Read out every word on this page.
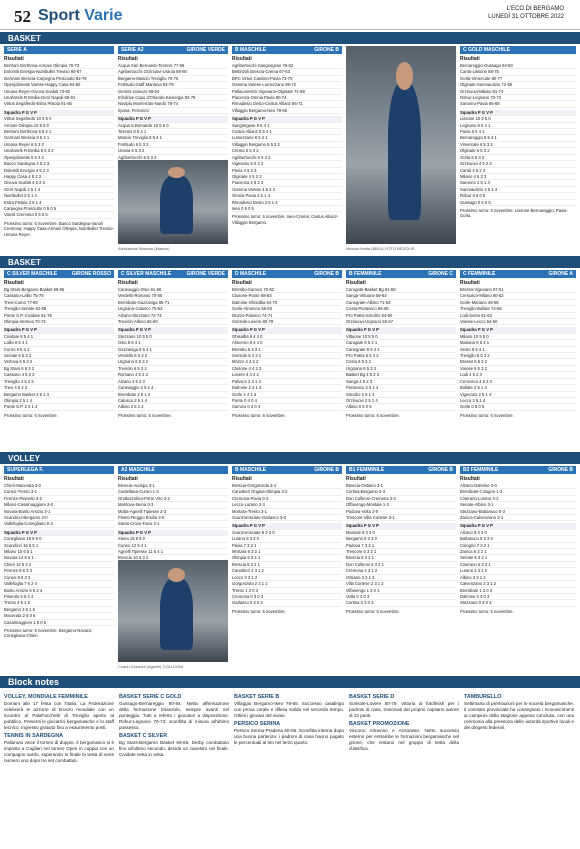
52 Sport Varie	L'ECO DI BERGAMO
LUNEDÌ 31 OTTOBRE 2022
BASKET
SERIE A
Risultati
Bertram Derthona-Armani Olimpia 76-73
Dolomiti Energia-Nutribullet Treviso 90-87
Germani Brescia-Carpegna Prosciutto 82-76
Openjobmetis Varese-Happy Casa 94-80
Umana Reyer-Givova Scafati 73-62
Unahotels R.Emilia-GeVi Napoli 88-81
Virtus Segafredo-Estra Pistoia 91-65
Squadra P G V P
Virtus Segafredo 10 5 5 0
Armani Olimpia 10 5 5 0
Bertram Derthona 8 5 4 1
Germani Brescia 8 5 4 1
Umana Reyer 6 5 3 2
Unahotels R.Emilia 6 5 3 2
Openjobmetis 6 5 3 2
Banco Sardegna 4 5 2 3
Dolomiti Energia 4 5 2 3
Happy Casa 4 5 2 3
Givova Scafati 4 5 2 3
GeVi Napoli 2 5 1 4
Nutribullet 2 5 1 4
Estra Pistoia 2 5 1 4
Carpegna Prosciutto 0 5 0 5
Vanoli Cremona 0 5 0 5
Prossimo turno: 6 novembre. Banco Sardegna-Vanoli Cremona; Happy Casa-Armani Olimpia; Nutribullet Treviso-Umana Reyer.
SERIE A2	GIRONE VERDE
Risultati
Acqua San Bernardo-Tezenis 77-66
Agribertocchi Orzinuovi-Urania 88-80
Bergamo-Mascio Treviglio 70-75
Fortitudo-Staff Mantova 83-79
Gemini-Unieuro 68-64
Infodrive Capo d'Orlando-Kienergia 82-78
Novipiù Monferrato-Nardò 79-74
riposa: Ferraroni
Squadra P G V P
Acqua S.Bernardo 10 5 5 0
Tezenis 8 5 4 1
Mascio Treviglio 8 5 4 1
Fortitudo 6 5 3 2
Urania 6 5 3 2
Agribertocchi 6 5 3 2
Aleksandar Marcius (Mascio)
B MASCHILE	GIRONE B
Risultati
Agribertocchi-Sangiorgese 76-62
Bettinzoli Brescia-Crema 67-63
BPC Virtus Cassino-Pavia 73-70
Gamma Varese-Lumezzane 69-72
Pallacanestro Vigevano-Olginate 71-68
Piacenza-Omnia Pavia 80-74
Rimadesio Desio-Civitus Allianz 66-71
Villaggio Bergamo-Iseo 78-65
Squadra P G V P
Sangiorgese 8 5 4 1
Civitus Allianz 8 5 4 1
Lumezzane 8 5 4 1
Villaggio Bergamo 6 5 3 2
Crema 6 5 3 2
Agribertocchi 6 5 3 2
Vigevano 6 5 3 2
Pavia 4 5 2 3
Olginate 4 5 2 3
Piacenza 4 5 2 3
Gamma Varese 4 5 2 3
Omnia Pavia 2 5 1 4
Rimadesio Desio 2 5 1 4
Iseo 0 5 0 5
Prossimo turno: 6 novembre. Iseo-Crema; Civitus Allianz-Villaggio Bergamo.
Niccolò Ivetta (BB14) FOTO BEDOLIS
C GOLD MASCHILE
Risultati
Bernareggio-Gussago 84-60
Cantù-Lissone 68-75
Gorla-Vimercate 80-77
Olginate-Sanmaurizio 72-66
Orzinuovi-Milano 81-74
Robur-Legnano 70-73
Saronno-Pavia 65-69
Squadra P G V P
Lissone 10 5 5 0
Legnano 8 5 4 1
Pavia 8 5 4 1
Bernareggio 8 5 4 1
Vimercate 6 5 3 2
Olginate 6 5 3 2
Gorla 6 5 3 2
Orzinuovi 4 5 2 3
Cantù 4 5 2 3
Milano 4 5 2 3
Saronno 2 5 1 4
Sanmaurizio 2 5 1 4
Robur 0 5 0 5
Gussago 0 5 0 5
Prossimo turno: 6 novembre. Lissone-Bernareggio; Pavia-Gorla.
BASKET
C SILVER MASCHILE	GIRONE ROSSO
Risultati
Bg Stars-Bergamo Basket 69-65
Cassano-Lallio 75-78
Trevi-Curno 77-80
Treviglio-Seriate 62-69
Ponte S.P.-Cividate 61-76
Olimpia-Vertova 70-72
Squadra P G V P
Cividate 8 5 4 1
Lallio 8 5 4 1
Curno 8 5 4 1
Seriate 6 5 3 2
Vertova 6 5 3 2
Bg Stars 6 5 3 2
Cassano 4 5 2 3
Treviglio 4 5 2 3
Trevi 4 5 2 3
Bergamo Basket 2 5 1 4
Olimpia 2 5 1 4
Ponte S.P. 2 5 1 4
Prossimo turno: 6 novembre.
C SILVER MASCHILE	GIRONE VERDE
Risultati
Caravaggio-Osio 61-66
Verdello-Romano 70-65
Brembate-Gazzaniga 68-71
Urgnano-Calusco 75-63
Alzano-Stezzano 72-74
Treviolo-Albino 66-60
Squadra P G V P
Stezzano 10 5 5 0
Osio 8 5 4 1
Gazzaniga 8 5 4 1
Verdello 6 5 3 2
Urgnano 6 5 3 2
Treviolo 6 5 3 2
Romano 4 5 2 3
Alzano 4 5 2 3
Caravaggio 2 5 1 4
Brembate 2 5 1 4
Calusco 2 5 1 4
Albino 2 5 1 4
Prossimo turno: 6 novembre.
D MASCHILE	GIRONE B
Risultati
Brembo-Sarnico 70-62
Clusone-Ponte 68-63
Dalmine-Ghisalba 64-70
Gorle-Almenno 55-63
Mozzo-Palosco 74-71
Sorisole-Lovere 80-79
Squadra P G V P
Ghisalba 8 4 4 0
Almenno 8 4 4 0
Brembo 6 4 3 1
Sorisole 6 4 3 1
Mozzo 4 4 2 2
Clusone 4 4 2 2
Lovere 4 4 2 2
Palosco 2 4 1 3
Dalmine 2 4 1 3
Gorle 2 4 1 3
Ponte 0 4 0 4
Sarnico 0 4 0 4
Prossimo turno: 6 novembre.
B FEMMINILE	GIRONE C
Risultati
Carugate-Basket Bg 61-58
Sanga-Vittuone 59-64
Canegrate-Albino 71-53
Costa-Pontevico 68-66
Pro Patria-Sondrio 64-60
Orzinuovi-Urgnano 55-57
Squadra P G V P
Vittuone 10 5 5 0
Carugate 8 5 4 1
Canegrate 8 5 4 1
Pro Patria 6 5 3 2
Costa 6 5 3 2
Urgnano 6 5 3 2
Basket Bg 4 5 2 3
Sanga 4 5 2 3
Pontevico 2 5 1 4
Sondrio 2 5 1 4
Orzinuovi 2 5 1 4
Albino 0 5 0 5
Prossimo turno: 6 novembre.
C FEMMINILE	GIRONE A
Risultati
Bresso-Vigevano 57-51
Cernusco-Milano 60-62
Gorle-Mariano 49-58
Treviglio-Bollate 72-66
Lodi-Sesto 61-63
Varese-Lecco 54-50
Squadra P G V P
Milano 10 5 5 0
Mariano 8 5 4 1
Sesto 8 5 4 1
Treviglio 6 5 3 2
Bresso 6 5 3 2
Varese 6 5 3 2
Lodi 4 5 2 3
Cernusco 4 5 2 3
Bollate 2 5 1 4
Vigevano 2 5 1 4
Lecco 2 5 1 4
Gorle 0 5 0 5
Prossimo turno: 6 novembre.
VOLLEY
SUPERLEGA F.
Risultati
Chieri-Macerata 3-0
Cuneo-Trento 3-1
Firenze-Pinerolo 3-2
Milano-Casalmaggiore 3-0
Novara-Busto Arsizio 3-1
Scandicci-Bergamo 3-0
Vallefoglia-Conegliano 0-3
Squadra P G V P
Conegliano 18 6 6 0
Scandicci 16 6 5 1
Milano 15 6 5 1
Novara 14 6 5 1
Chieri 12 6 4 2
Firenze 9 6 3 3
Cuneo 8 6 3 3
Vallefoglia 7 6 2 4
Busto Arsizio 6 6 2 4
Pinerolo 5 6 2 4
Trento 4 6 1 5
Bergamo 3 6 1 5
Macerata 2 6 0 6
Casalmaggiore 1 6 0 6
Prossimo turno: 6 novembre. Bergamo-Novara; Conegliano-Chieri.
A2 MASCHILE
Risultati
Brescia-Aurispa 3-1
Castellana-Cuneo 1-3
Grottazzolina-Porto Viro 3-2
Mantova-Siena 0-3
Motta-Agnelli Tipiesse 2-3
Pineto-Reggio Emilia 3-0
Santa Croce-Fano 3-1
Squadra P G V P
Siena 15 5 5 0
Cuneo 12 5 4 1
Agnelli Tipiesse 11 5 4 1
Brescia 10 5 3 2
B MASCHILE	GIRONE B
Risultati
Brescia-Gorgonzola 3-1
Canottieri Ongina-Olimpia 3-2
Cremona-Pavia 0-3
Lecco-Lurano 2-3
Mortara-Trento 3-1
Scanzorosciate-Garlasco 3-0
Squadra P G V P
Scanzorosciate 9 3 3 0
Lurano 8 3 3 0
Pavia 7 3 2 1
Mortara 6 3 2 1
Olimpia 5 3 2 1
Brescia 5 3 2 1
Canottieri 4 3 1 2
Lecco 3 3 1 2
Gorgonzola 2 3 1 2
Trento 1 3 0 3
Cremona 0 3 0 3
Garlasco 0 3 0 3
Prossimo turno: 5 novembre.
B1 FEMMINILE	GIRONE B
Risultati
Brescia-Ostiano 3-1
Cortina-Bergamo 0-3
Don Colleoni-Cremona 3-2
Offanengo-Montale 1-3
Padova-Volta 3-0
Trescore-Villa Cortese 3-1
Squadra P G V P
Montale 9 3 3 0
Bergamo 8 3 3 0
Padova 7 3 2 1
Trescore 6 3 2 1
Brescia 6 3 2 1
Don Colleoni 5 3 2 1
Cremona 4 3 1 2
Ostiano 3 3 1 2
Villa Cortese 2 3 1 2
Offanengo 1 3 0 3
Volta 0 3 0 3
Cortina 0 3 0 3
Prossimo turno: 5 novembre.
B2 FEMMINILE	GIRONE B
Risultati
Alzano-Dalmine 3-0
Brembate-Cologno 1-3
Ciserano-Lurano 3-2
Seriate-Albino 3-1
Stezzano-Bottanuco 0-3
Zanica-Calvenzano 3-1
Squadra P G V P
Alzano 9 3 3 0
Bottanuco 9 3 3 0
Cologno 7 3 2 1
Zanica 6 3 2 1
Seriate 6 3 2 1
Ciserano 5 3 2 1
Lurano 4 3 1 2
Albino 3 3 1 2
Calvenzano 2 3 1 2
Brembate 1 3 0 3
Dalmine 0 3 0 3
Stezzano 0 3 0 3
Prossimo turno: 5 novembre.
Coach Graziani (Agnelli) COLLEONI
Block notes
VOLLEY, MONDIALE FEMMINILE

Domani alle 17 festa con l'Italia. La Federazione celebrerà le azzurre di bronzo mondiale con un incontro al PalaFacchetti di Treviglio aperto al pubblico. Presenti le giocatrici bergamasche e lo staff tecnico. Ingresso gratuito fino a esaurimento posti.

TENNIS IN SARDEGNA

Pallanoto vince il torneo di doppio. Il bergamasco si è imposto a Cagliari nel torneo Open in coppia con un compagno sardo, superando in finale la testa di serie numero uno dopo tre set combattuti.

BASKET SERIE C GOLD

Gussago-Bernareggio 60-84. Netta affermazione della formazione brianzola, sempre avanti nel punteggio. Tutti a referto i giocatori a disposizione. Robur-Legnano 70-73: sconfitta di misura all'ultimo possesso.

BASKET C SILVER

Bg Stars-Bergamo Basket 69-65. Derby combattuto fino all'ultimo secondo, decide un canestro nel finale. Cividate resta in vetta.

BASKET SERIE B

Villaggio Bergamo-Iseo 78-65. Successo casalingo con prova corale e difesa solida nel secondo tempo. Ottimi i giovani del vivaio.

PERSICO SERINA

Persico Serina-Pradena 60-66. Sconfitta interna dopo una buona partenza: i padroni di casa hanno pagato le percentuali al tiro nel terzo quarto.

BASKET SERIE D

Sorisole-Lovere 80-79. Vittoria al fotofinish per i padroni di casa, trascinati dal proprio capitano autore di 22 punti.

BASKET PROMOZIONE

Vincono Almenno e Azzanese. Netto successo esterno per entrambe le formazioni bergamasche nel girone, che restano nel gruppo di testa della classifica.

TAMBURELLO

Settimana di premiazioni per le società bergamasche. Il comitato provinciale ha consegnato i riconoscimenti ai campioni della stagione appena conclusa, con una cerimonia alla presenza delle autorità sportive locali e dei dirigenti federali.
